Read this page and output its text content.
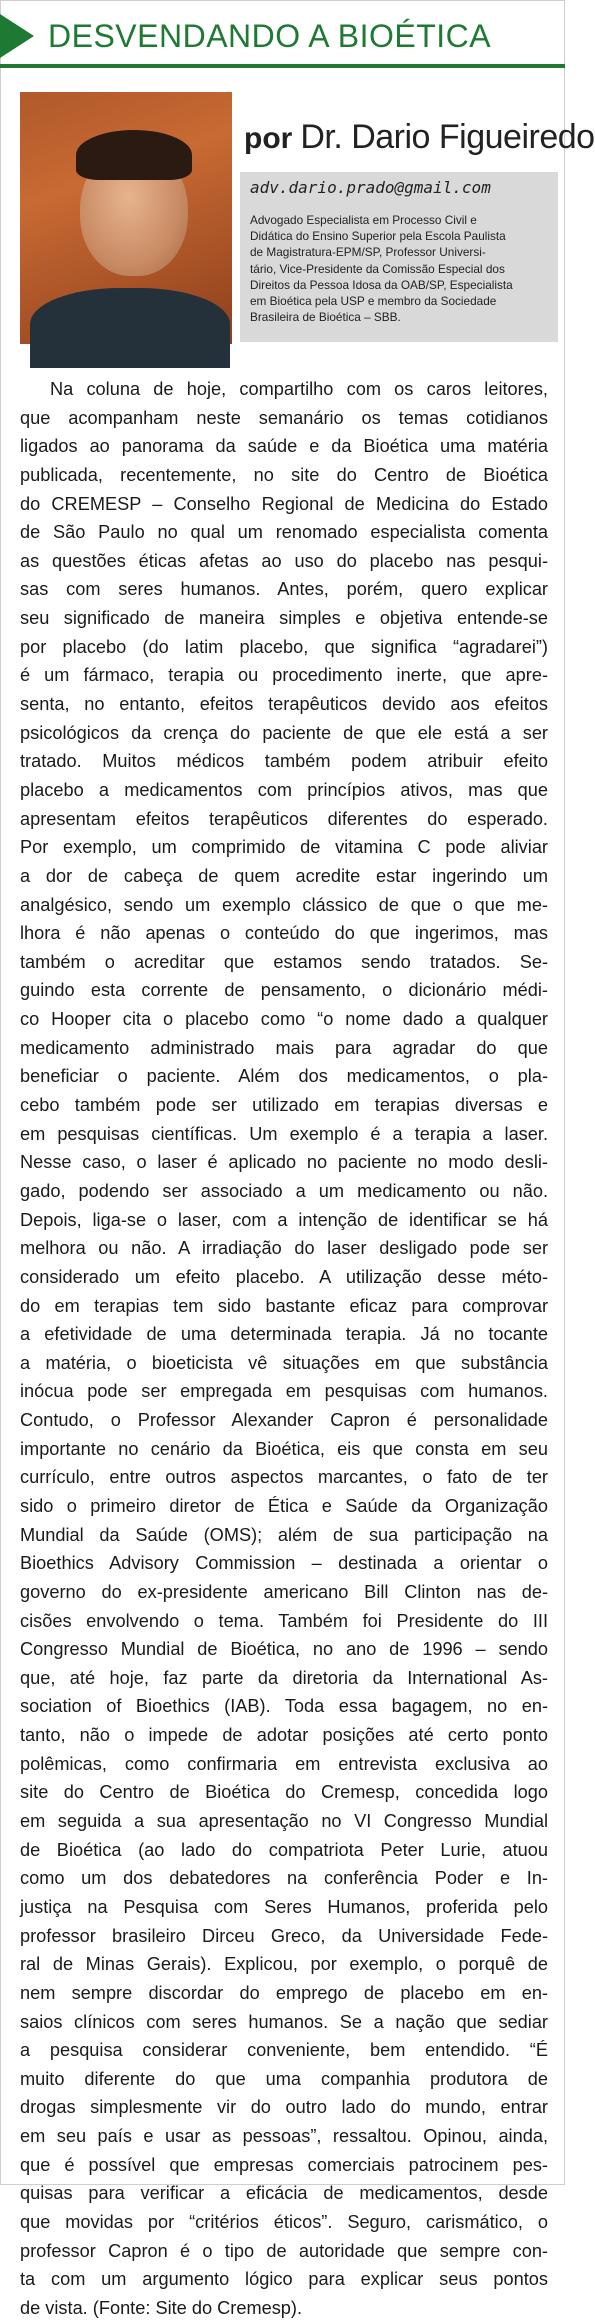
DESVENDANDO A BIOÉTICA
por Dr. Dario Figueiredo
adv.dario.prado@gmail.com
Advogado Especialista em Processo Civil e
Didática do Ensino Superior pela Escola Paulista
de Magistratura-EPM/SP, Professor Universi-
tário, Vice-Presidente da Comissão Especial dos
Direitos da Pessoa Idosa da OAB/SP, Especialista
em Bioética pela USP e membro da Sociedade
Brasileira de Bioética – SBB.
Na coluna de hoje, compartilho com os caros leitores,
que acompanham neste semanário os temas cotidianos
ligados ao panorama da saúde e da Bioética uma matéria
publicada, recentemente, no site do Centro de Bioética
do CREMESP – Conselho Regional de Medicina do Estado
de São Paulo no qual um renomado especialista comenta
as questões éticas afetas ao uso do placebo nas pesqui-
sas com seres humanos. Antes, porém, quero explicar
seu significado de maneira simples e objetiva entende-se
por placebo (do latim placebo, que significa “agradarei”)
é um fármaco, terapia ou procedimento inerte, que apre-
senta, no entanto, efeitos terapêuticos devido aos efeitos
psicológicos da crença do paciente de que ele está a ser
tratado. Muitos médicos também podem atribuir efeito
placebo a medicamentos com princípios ativos, mas que
apresentam efeitos terapêuticos diferentes do esperado.
Por exemplo, um comprimido de vitamina C pode aliviar
a dor de cabeça de quem acredite estar ingerindo um
analgésico, sendo um exemplo clássico de que o que me-
lhora é não apenas o conteúdo do que ingerimos, mas
também o acreditar que estamos sendo tratados. Se-
guindo esta corrente de pensamento, o dicionário médi-
co Hooper cita o placebo como “o nome dado a qualquer
medicamento administrado mais para agradar do que
beneficiar o paciente. Além dos medicamentos, o pla-
cebo também pode ser utilizado em terapias diversas e
em pesquisas científicas. Um exemplo é a terapia a laser.
Nesse caso, o laser é aplicado no paciente no modo desli-
gado, podendo ser associado a um medicamento ou não.
Depois, liga-se o laser, com a intenção de identificar se há
melhora ou não. A irradiação do laser desligado pode ser
considerado um efeito placebo. A utilização desse méto-
do em terapias tem sido bastante eficaz para comprovar
a efetividade de uma determinada terapia. Já no tocante
a matéria, o bioeticista vê situações em que substância
inócua pode ser empregada em pesquisas com humanos.
Contudo, o Professor Alexander Capron é personalidade
importante no cenário da Bioética, eis que consta em seu
currículo, entre outros aspectos marcantes, o fato de ter
sido o primeiro diretor de Ética e Saúde da Organização
Mundial da Saúde (OMS); além de sua participação na
Bioethics Advisory Commission – destinada a orientar o
governo do ex-presidente americano Bill Clinton nas de-
cisões envolvendo o tema. Também foi Presidente do III
Congresso Mundial de Bioética, no ano de 1996 – sendo
que, até hoje, faz parte da diretoria da International As-
sociation of Bioethics (IAB). Toda essa bagagem, no en-
tanto, não o impede de adotar posições até certo ponto
polêmicas, como confirmaria em entrevista exclusiva ao
site do Centro de Bioética do Cremesp, concedida logo
em seguida a sua apresentação no VI Congresso Mundial
de Bioética (ao lado do compatriota Peter Lurie, atuou
como um dos debatedores na conferência Poder e In-
justiça na Pesquisa com Seres Humanos, proferida pelo
professor brasileiro Dirceu Greco, da Universidade Fede-
ral de Minas Gerais). Explicou, por exemplo, o porquê de
nem sempre discordar do emprego de placebo em en-
saios clínicos com seres humanos. Se a nação que sediar
a pesquisa considerar conveniente, bem entendido. “É
muito diferente do que uma companhia produtora de
drogas simplesmente vir do outro lado do mundo, entrar
em seu país e usar as pessoas”, ressaltou. Opinou, ainda,
que é possível que empresas comerciais patrocinem pes-
quisas para verificar a eficácia de medicamentos, desde
que movidas por “critérios éticos”. Seguro, carismático, o
professor Capron é o tipo de autoridade que sempre con-
ta com um argumento lógico para explicar seus pontos
de vista. (Fonte: Site do Cremesp).
